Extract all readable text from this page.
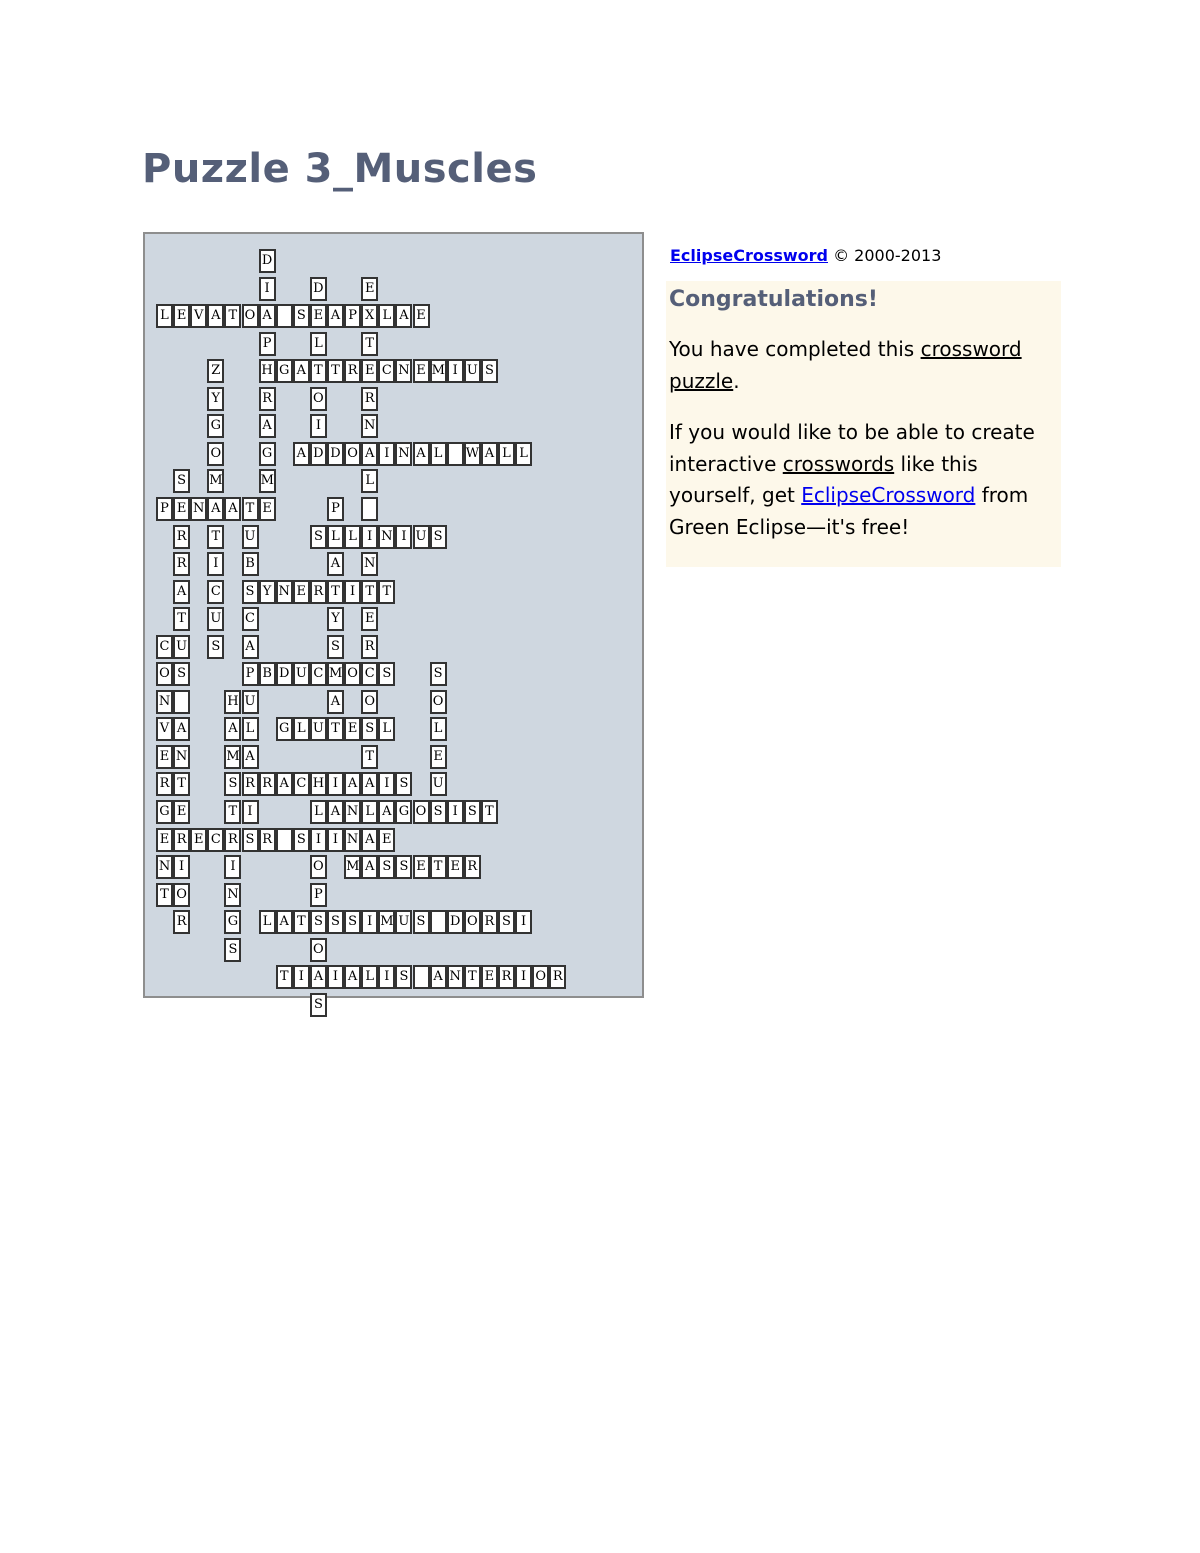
Puzzle 3_Muscles
D
I
A
P
H
R
A
G
M
D
E
L
T
O
I
D
E
X
T
E
R
N
A
L
I
N
T
E
R
C
O
S
T
A
L
L E V A T O	S A P L A E
Z
Y
G
O
M
A
T
I
C
U
S
G A T R C N E M I U S
A D O	I N A L W A L L
S
E
R
R
A
T
U
S
A
N
T
E
R
I
O
R
P N A T E
U
B
S
C
A
P
U
L
A
R
I
S
P
L
A
T
Y
S
M
A
S L N I U S
Y N E R	I	T
C
O
N
V
E
R
G
E
N
T
B D U C O S	S
O
L
E
U
S
H
A
M
S
T
R
I
N
G
S
G L U T E L
R A C H I A	I S
L
I
O
P
S
O
A
S
A N A G O	I S T
E C	R S	I N A E
M A S S E T E R
L A T S S I M U S D O R S I
T I	I A L I S A N T E R I O R

EclipseCrossword © 2000-2013

Congratulations!

You have completed this crossword puzzle.

If you would like to be able to create interactive crosswords like this yourself, get EclipseCrossword from Green Eclipse—it's free!
